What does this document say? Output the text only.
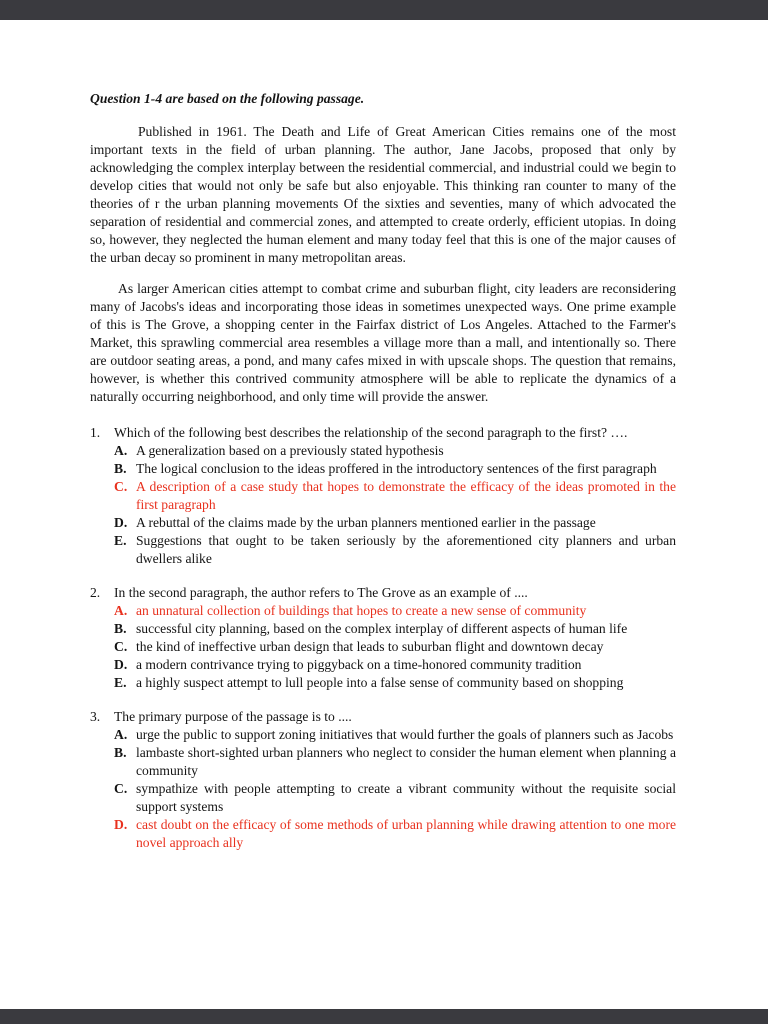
Question 1-4 are based on the following passage.
Published in 1961. The Death and Life of Great American Cities remains one of the most important texts in the field of urban planning. The author, Jane Jacobs, proposed that only by acknowledging the complex interplay between the residential commercial, and industrial could we begin to develop cities that would not only be safe but also enjoyable. This thinking ran counter to many of the theories of r the urban planning movements Of the sixties and seventies, many of which advocated the separation of residential and commercial zones, and attempted to create orderly, efficient utopias. In doing so, however, they neglected the human element and many today feel that this is one of the major causes of the urban decay so prominent in many metropolitan areas.
As larger American cities attempt to combat crime and suburban flight, city leaders are reconsidering many of Jacobs's ideas and incorporating those ideas in sometimes unexpected ways. One prime example of this is The Grove, a shopping center in the Fairfax district of Los Angeles. Attached to the Farmer's Market, this sprawling commercial area resembles a village more than a mall, and intentionally so. There are outdoor seating areas, a pond, and many cafes mixed in with upscale shops. The question that remains, however, is whether this contrived community atmosphere will be able to replicate the dynamics of a naturally occurring neighborhood, and only time will provide the answer.
1.	Which of the following best describes the relationship of the second paragraph to the first? ….
A. A generalization based on a previously stated hypothesis
B. The logical conclusion to the ideas proffered in the introductory sentences of the first paragraph
C. A description of a case study that hopes to demonstrate the efficacy of the ideas promoted in the first paragraph
D. A rebuttal of the claims made by the urban planners mentioned earlier in the passage
E. Suggestions that ought to be taken seriously by the aforementioned city planners and urban dwellers alike
2.	In the second paragraph, the author refers to The Grove as an example of ....
A. an unnatural collection of buildings that hopes to create a new sense of community
B. successful city planning, based on the complex interplay of different aspects of human life
C. the kind of ineffective urban design that leads to suburban flight and downtown decay
D. a modern contrivance trying to piggyback on a time-honored community tradition
E. a highly suspect attempt to lull people into a false sense of community based on shopping
3.	The primary purpose of the passage is to ....
A. urge the public to support zoning initiatives that would further the goals of planners such as Jacobs
B. lambaste short-sighted urban planners who neglect to consider the human element when planning a community
C. sympathize with people attempting to create a vibrant community without the requisite social support systems
D. cast doubt on the efficacy of some methods of urban planning while drawing attention to one more novel approach ally
